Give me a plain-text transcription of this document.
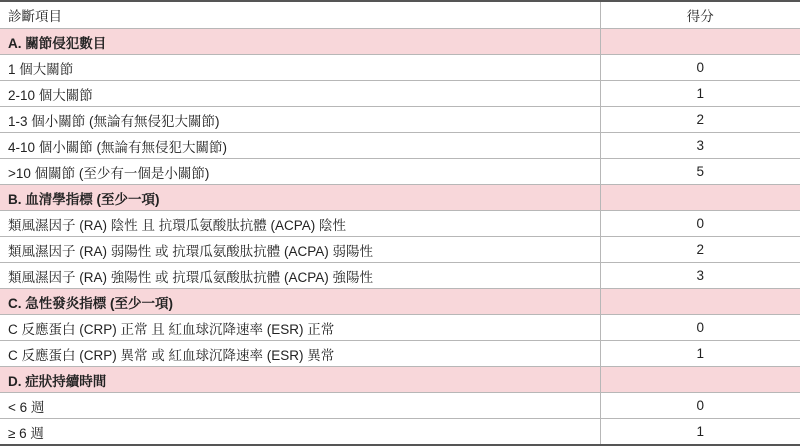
診斷項目	得分
A. 關節侵犯數目	
1 個大關節	0
2-10 個大關節	1
1-3 個小關節 (無論有無侵犯大關節)	2
4-10 個小關節 (無論有無侵犯大關節)	3
>10 個關節 (至少有一個是小關節)	5
B. 血清學指標 (至少一項)	
類風濕因子 (RA) 陰性 且 抗環瓜氨酸肽抗體 (ACPA) 陰性	0
類風濕因子 (RA) 弱陽性 或 抗環瓜氨酸肽抗體 (ACPA) 弱陽性	2
類風濕因子 (RA) 強陽性 或 抗環瓜氨酸肽抗體 (ACPA) 強陽性	3
C. 急性發炎指標 (至少一項)	
C 反應蛋白 (CRP) 正常 且 紅血球沉降速率 (ESR) 正常	0
C 反應蛋白 (CRP) 異常 或 紅血球沉降速率 (ESR) 異常	1
D. 症狀持續時間	
< 6 週	0
≥ 6 週	1
